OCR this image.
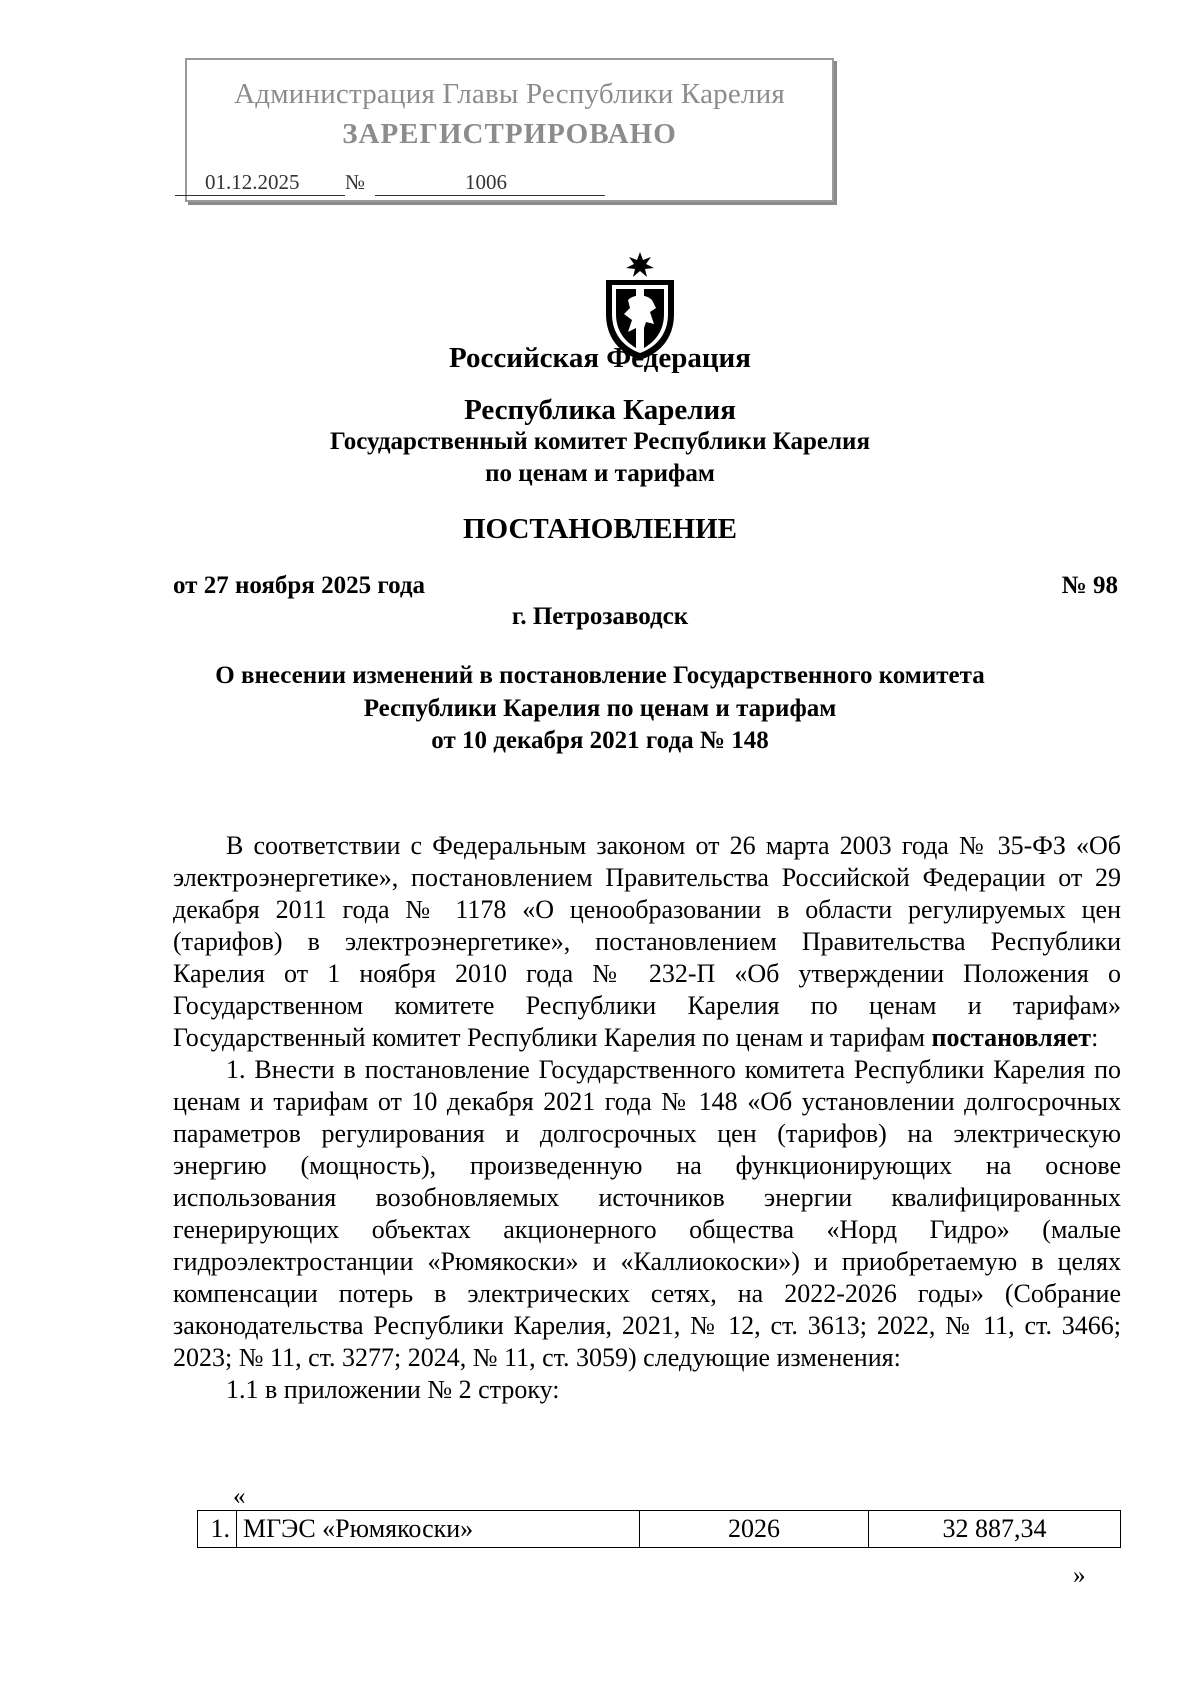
Администрация Главы Республики Карелия
ЗАРЕГИСТРИРОВАНО
01.12.2025 №	1006
Российская Федерация
Республика Карелия
Государственный комитет Республики Карелия
по ценам и тарифам
ПОСТАНОВЛЕНИЕ
от 27 ноября 2025 года	№ 98
г. Петрозаводск
О внесении изменений в постановление Государственного комитета
Республики Карелия по ценам и тарифам
от 10 декабря 2021 года № 148

В соответствии с Федеральным законом от 26 марта 2003 года № 35-ФЗ «Об электроэнергетике», постановлением Правительства Российской Федерации от 29 декабря 2011 года № 1178 «О ценообразовании в области регулируемых цен (тарифов) в электроэнергетике», постановлением Правительства Республики Карелия от 1 ноября 2010 года № 232-П «Об утверждении Положения о Государственном комитете Республики Карелия по ценам и тарифам» Государственный комитет Республики Карелия по ценам и тарифам постановляет:

1. Внести в постановление Государственного комитета Республики Карелия по ценам и тарифам от 10 декабря 2021 года № 148 «Об установлении долгосрочных параметров регулирования и долгосрочных цен (тарифов) на электрическую энергию (мощность), произведенную на функционирующих на основе использования возобновляемых источников энергии квалифицированных генерирующих объектах акционерного общества «Норд Гидро» (малые гидроэлектростанции «Рюмякоски» и «Каллиокоски») и приобретаемую в целях компенсации потерь в электрических сетях, на 2022-2026 годы» (Собрание законодательства Республики Карелия, 2021, № 12, ст. 3613; 2022, № 11, ст. 3466; 2023; № 11, ст. 3277; 2024, № 11, ст. 3059) следующие изменения:

1.1 в приложении № 2 строку:

«
1.	МГЭС «Рюмякоски»	2026	32 887,34
»
